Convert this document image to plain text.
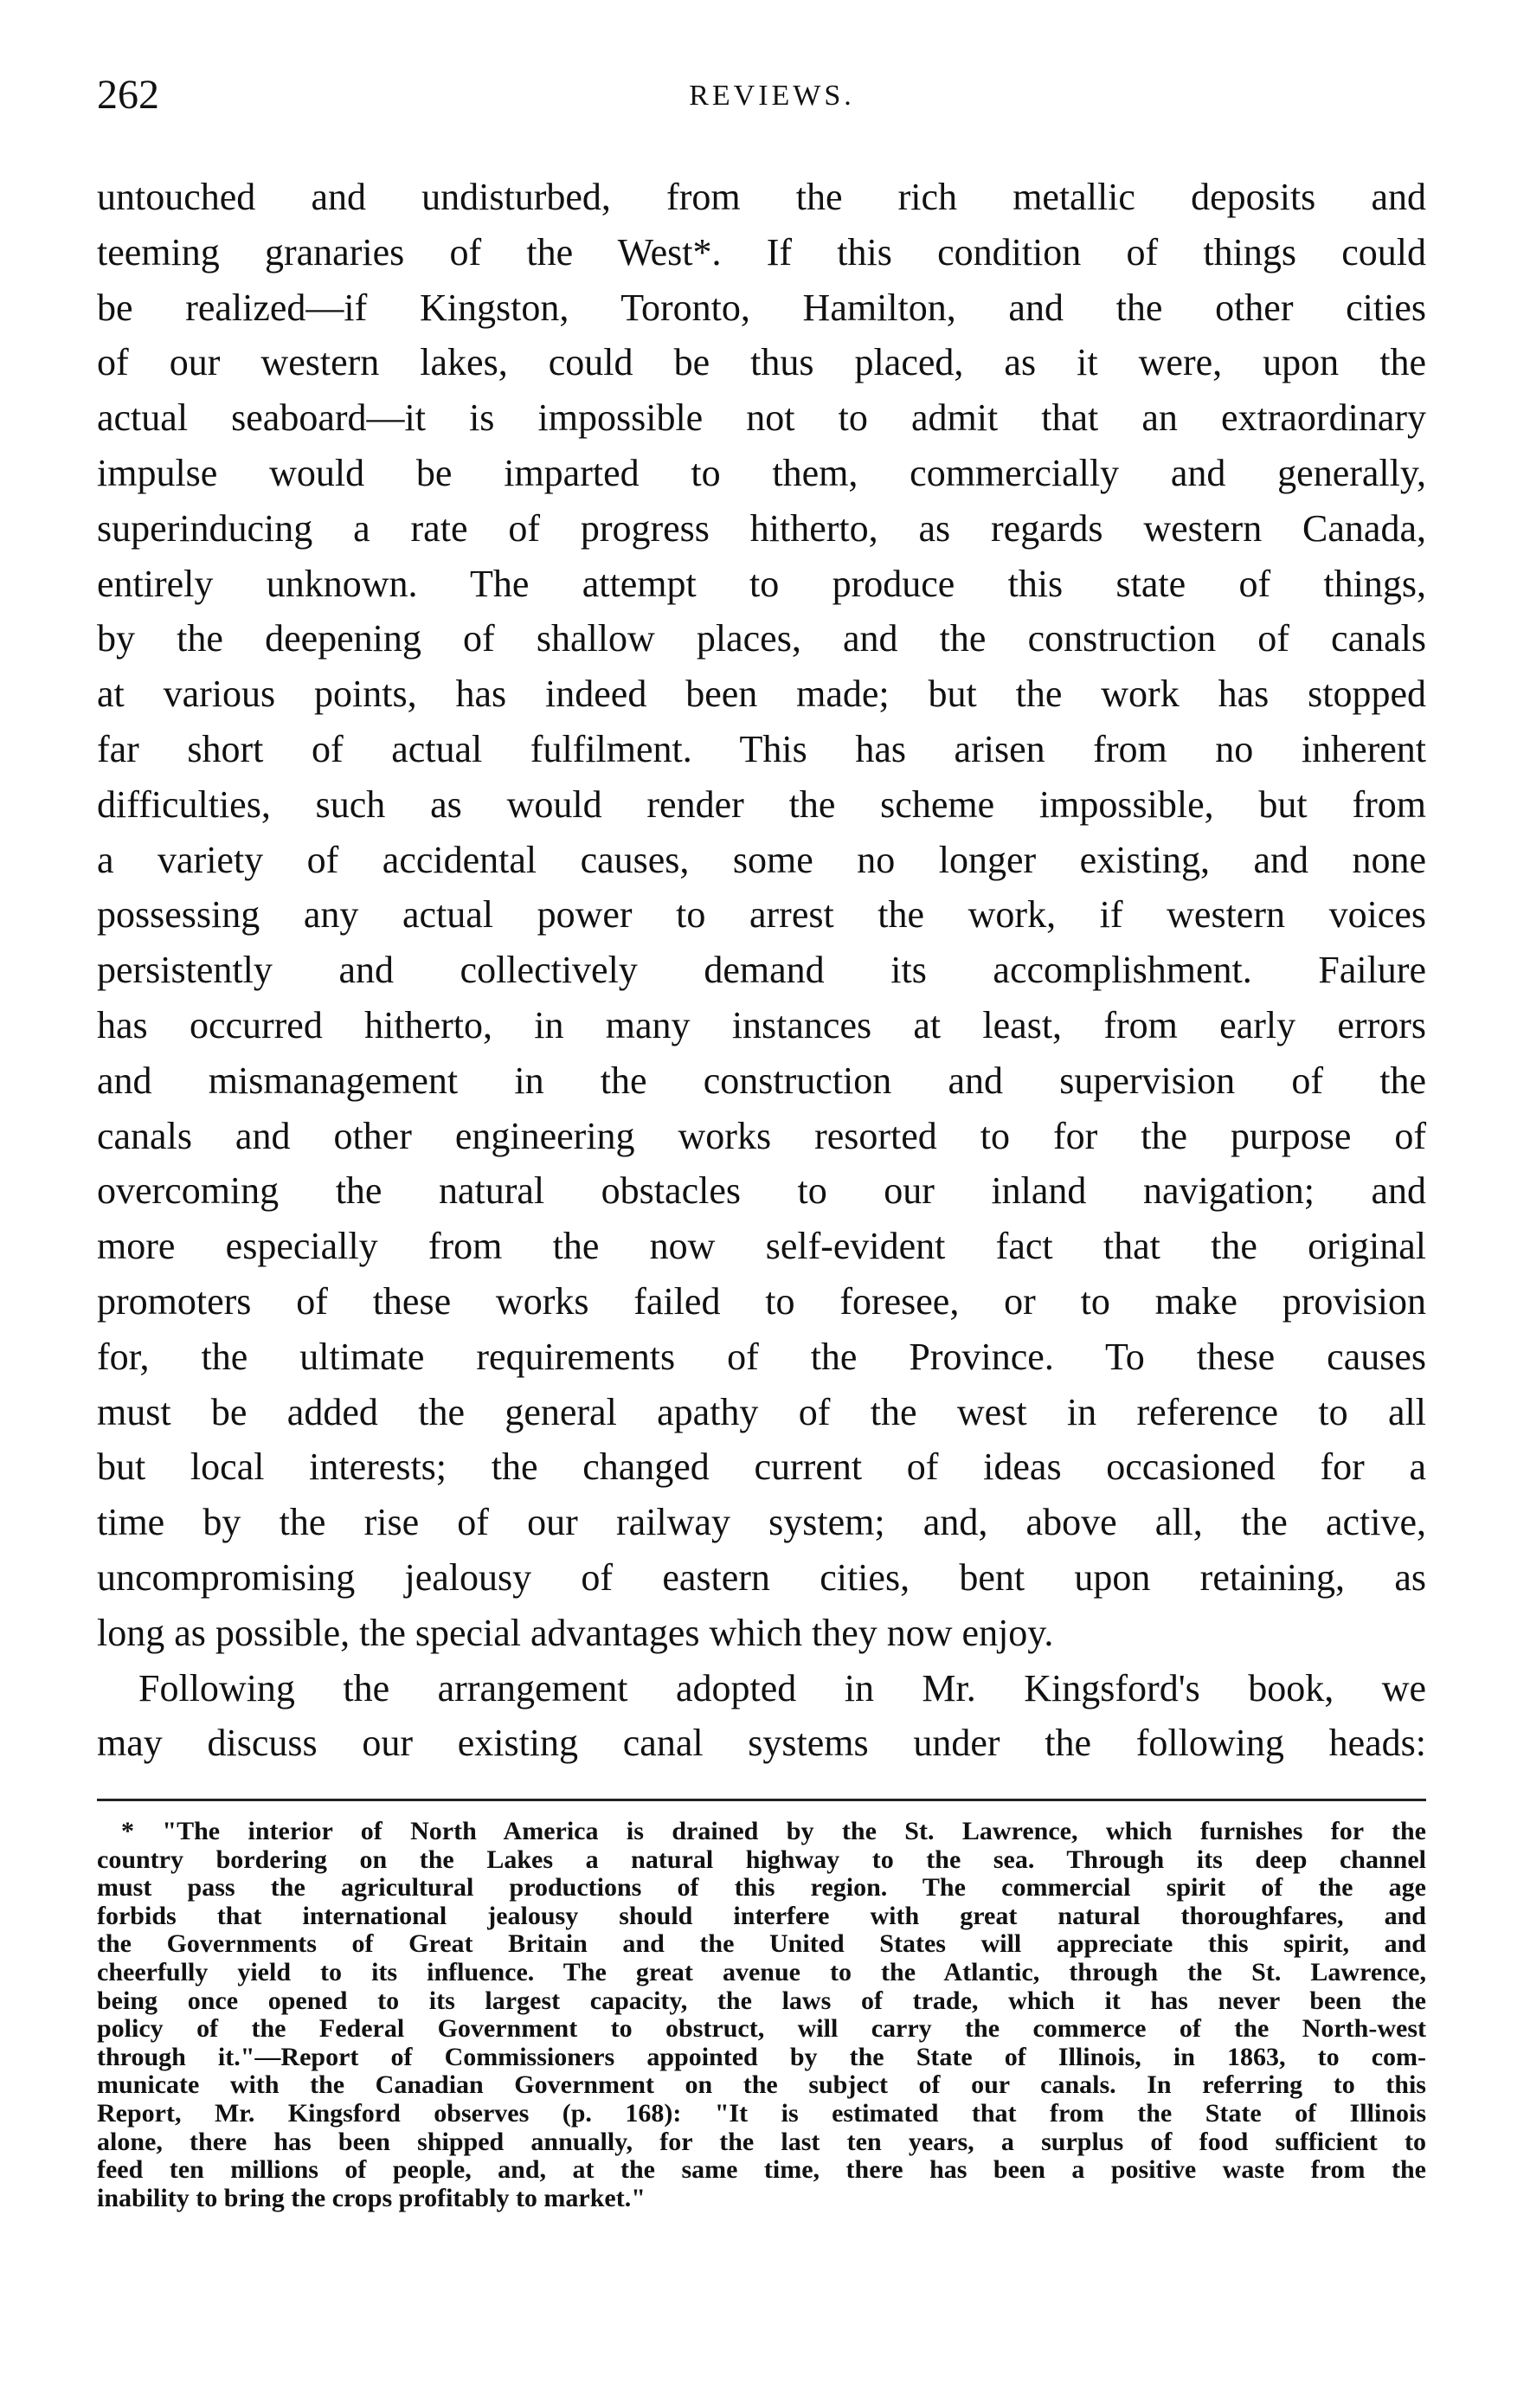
262	REVIEWS.

untouched and undisturbed, from the rich metallic deposits and
teeming granaries of the West*. If this condition of things could
be realized—if Kingston, Toronto, Hamilton, and the other cities
of our western lakes, could be thus placed, as it were, upon the
actual seaboard—it is impossible not to admit that an extraordinary
impulse would be imparted to them, commercially and generally,
superinducing a rate of progress hitherto, as regards western Canada,
entirely unknown. The attempt to produce this state of things,
by the deepening of shallow places, and the construction of canals
at various points, has indeed been made; but the work has stopped
far short of actual fulfilment. This has arisen from no inherent
difficulties, such as would render the scheme impossible, but from
a variety of accidental causes, some no longer existing, and none
possessing any actual power to arrest the work, if western voices
persistently and collectively demand its accomplishment. Failure
has occurred hitherto, in many instances at least, from early errors
and mismanagement in the construction and supervision of the
canals and other engineering works resorted to for the purpose of
overcoming the natural obstacles to our inland navigation; and
more especially from the now self-evident fact that the original
promoters of these works failed to foresee, or to make provision
for, the ultimate requirements of the Province. To these causes
must be added the general apathy of the west in reference to all
but local interests; the changed current of ideas occasioned for a
time by the rise of our railway system; and, above all, the active,
uncompromising jealousy of eastern cities, bent upon retaining, as
long as possible, the special advantages which they now enjoy.

Following the arrangement adopted in Mr. Kingsford's book, we
may discuss our existing canal systems under the following heads:

* "The interior of North America is drained by the St. Lawrence, which furnishes for the
country bordering on the Lakes a natural highway to the sea. Through its deep channel
must pass the agricultural productions of this region. The commercial spirit of the age
forbids that international jealousy should interfere with great natural thoroughfares, and
the Governments of Great Britain and the United States will appreciate this spirit, and
cheerfully yield to its influence. The great avenue to the Atlantic, through the St. Lawrence,
being once opened to its largest capacity, the laws of trade, which it has never been the
policy of the Federal Government to obstruct, will carry the commerce of the North-west
through it."—Report of Commissioners appointed by the State of Illinois, in 1863, to com-
municate with the Canadian Government on the subject of our canals. In referring to this
Report, Mr. Kingsford observes (p. 168): "It is estimated that from the State of Illinois
alone, there has been shipped annually, for the last ten years, a surplus of food sufficient to
feed ten millions of people, and, at the same time, there has been a positive waste from the
inability to bring the crops profitably to market."
